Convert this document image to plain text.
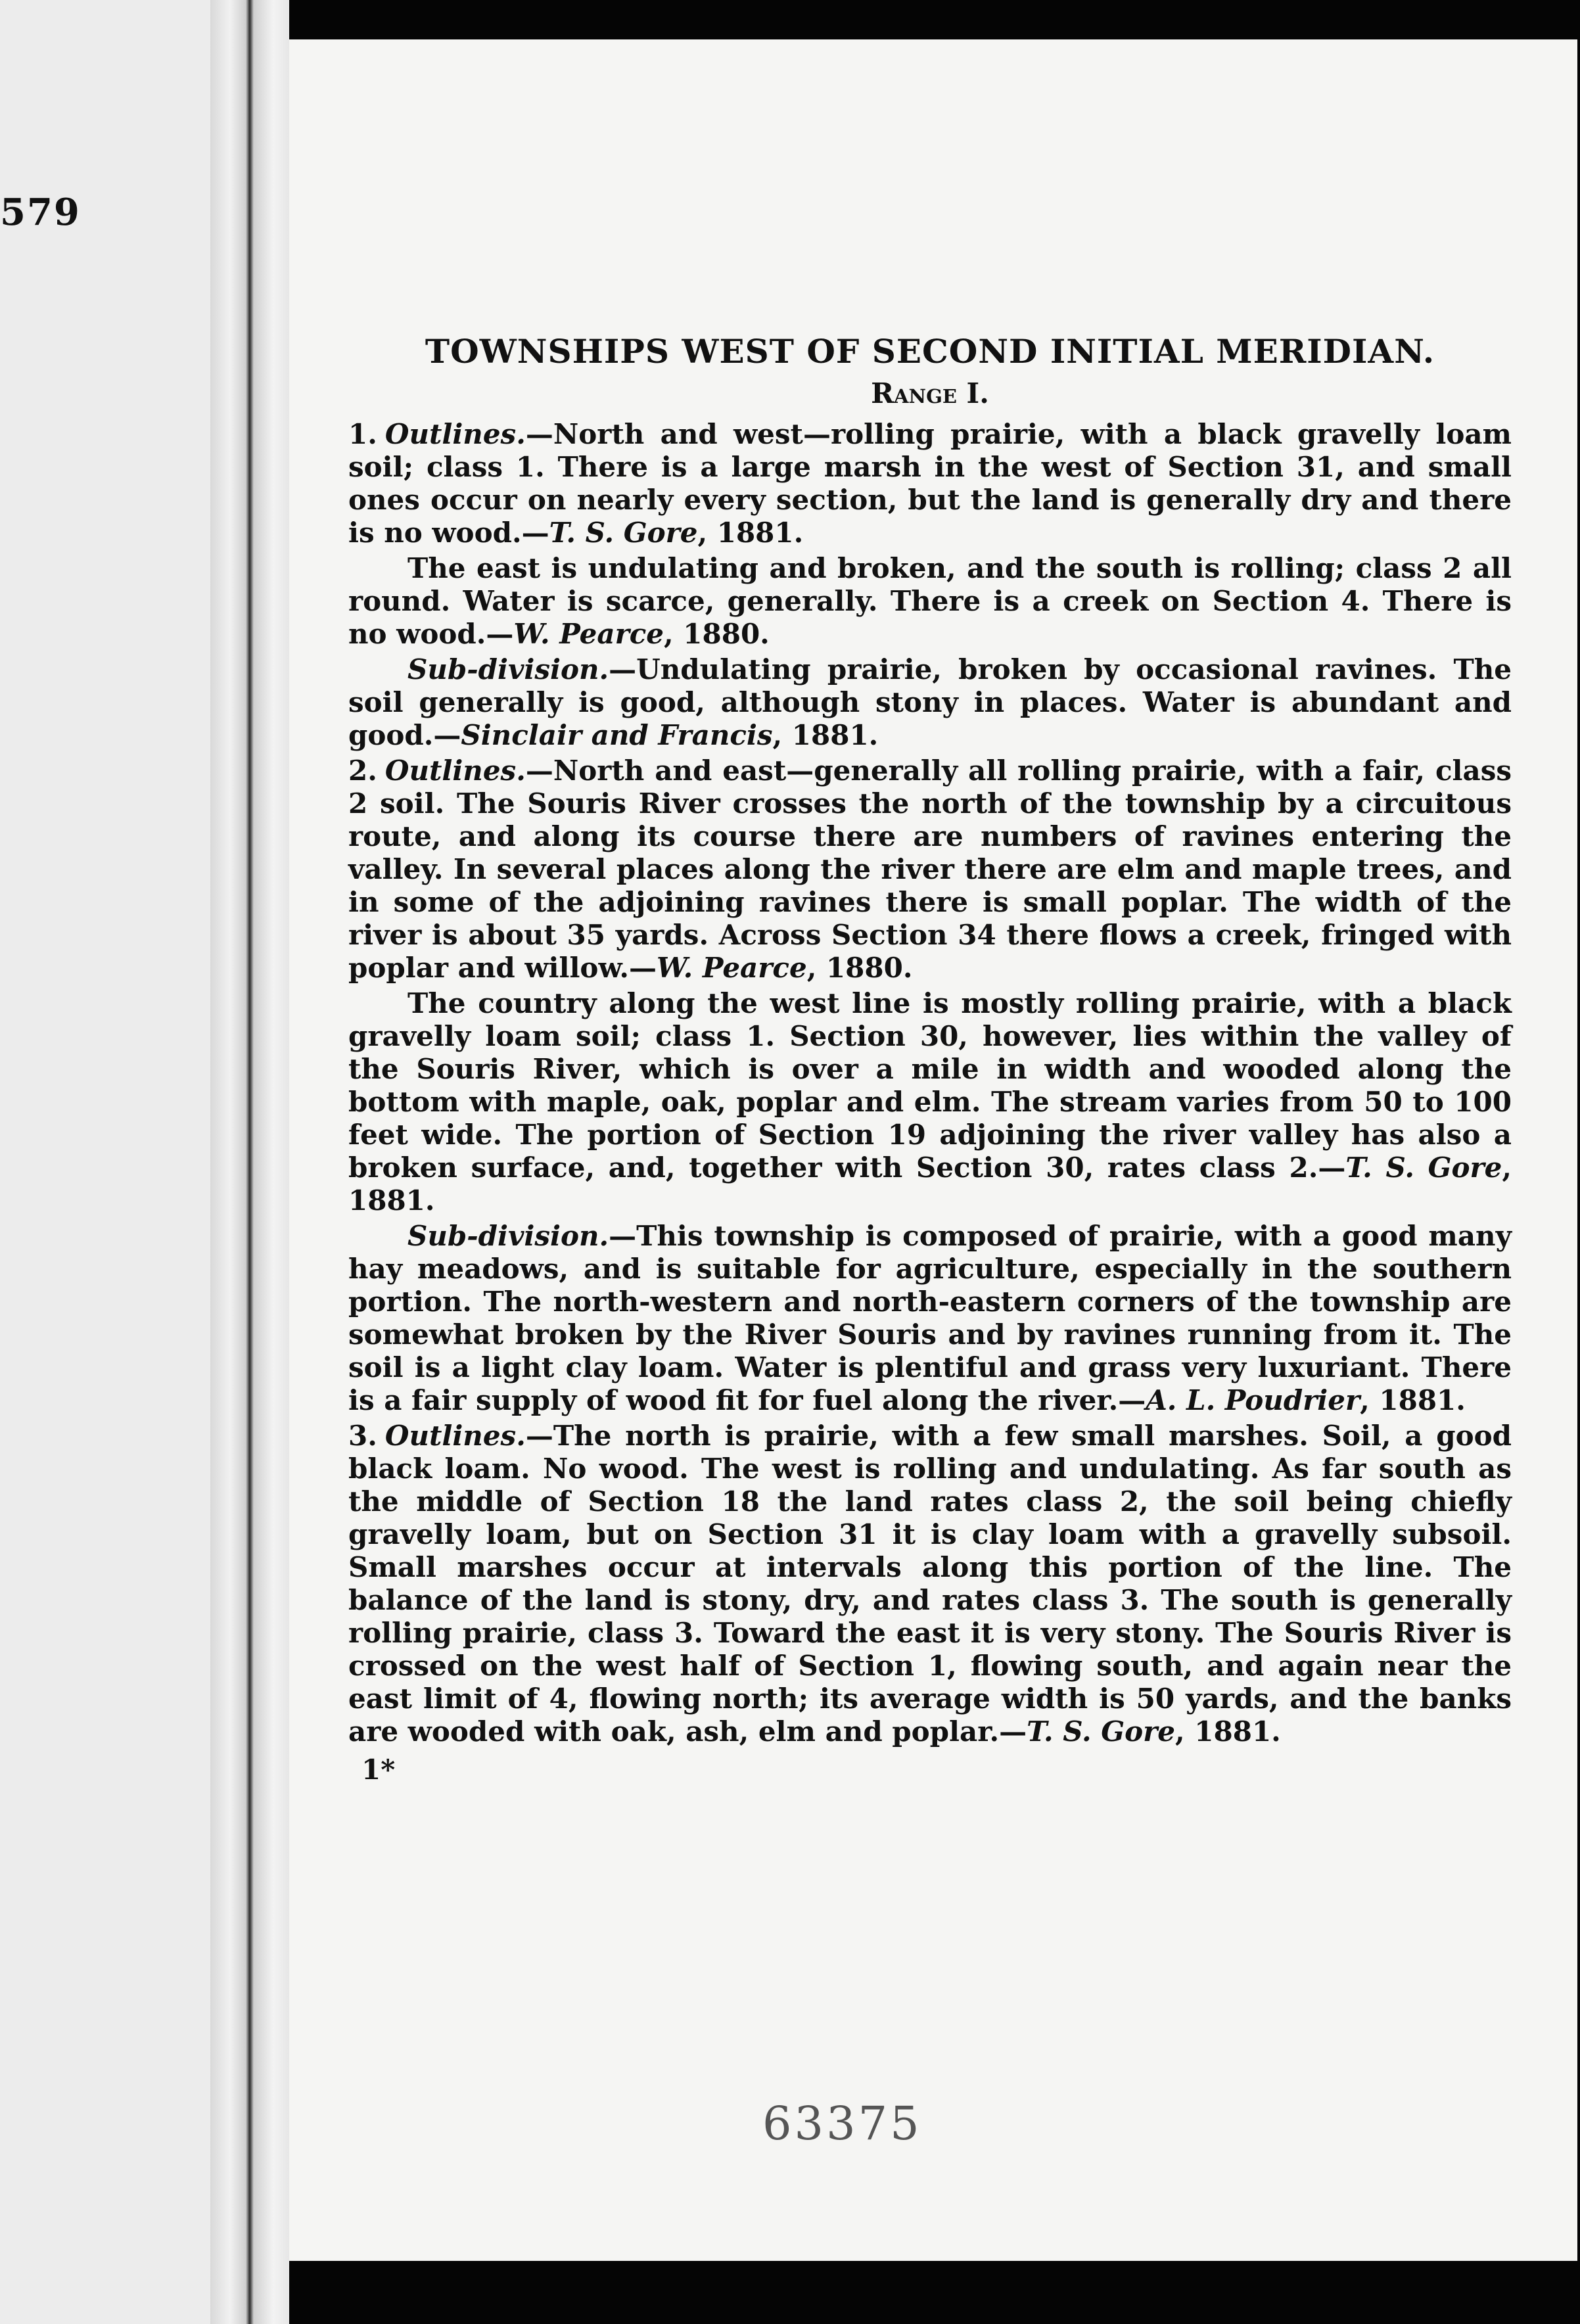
579
TOWNSHIPS WEST OF SECOND INITIAL MERIDIAN.
Range I.

1. Outlines.—North and west—rolling prairie, with a black gravelly loam soil; class 1. There is a large marsh in the west of Section 31, and small ones occur on nearly every section, but the land is generally dry and there is no wood.—T. S. Gore, 1881.

The east is undulating and broken, and the south is rolling; class 2 all round. Water is scarce, generally. There is a creek on Section 4. There is no wood.—W. Pearce, 1880.

Sub-division.—Undulating prairie, broken by occasional ravines. The soil generally is good, although stony in places. Water is abundant and good.—Sinclair and Francis, 1881.

2. Outlines.—North and east—generally all rolling prairie, with a fair, class 2 soil. The Souris River crosses the north of the township by a circuitous route, and along its course there are numbers of ravines entering the valley. In several places along the river there are elm and maple trees, and in some of the adjoining ravines there is small poplar. The width of the river is about 35 yards. Across Section 34 there flows a creek, fringed with poplar and willow.—W. Pearce, 1880.

The country along the west line is mostly rolling prairie, with a black gravelly loam soil; class 1. Section 30, however, lies within the valley of the Souris River, which is over a mile in width and wooded along the bottom with maple, oak, poplar and elm. The stream varies from 50 to 100 feet wide. The portion of Section 19 adjoining the river valley has also a broken surface, and, together with Section 30, rates class 2.—T. S. Gore, 1881.

Sub-division.—This township is composed of prairie, with a good many hay meadows, and is suitable for agriculture, especially in the southern portion. The north-western and north-eastern corners of the township are somewhat broken by the River Souris and by ravines running from it. The soil is a light clay loam. Water is plentiful and grass very luxuriant. There is a fair supply of wood fit for fuel along the river.—A. L. Poudrier, 1881.

3. Outlines.—The north is prairie, with a few small marshes. Soil, a good black loam. No wood. The west is rolling and undulating. As far south as the middle of Section 18 the land rates class 2, the soil being chiefly gravelly loam, but on Section 31 it is clay loam with a gravelly subsoil. Small marshes occur at intervals along this portion of the line. The balance of the land is stony, dry, and rates class 3. The south is generally rolling prairie, class 3. Toward the east it is very stony. The Souris River is crossed on the west half of Section 1, flowing south, and again near the east limit of 4, flowing north; its average width is 50 yards, and the banks are wooded with oak, ash, elm and poplar.—T. S. Gore, 1881.

1*
63375
